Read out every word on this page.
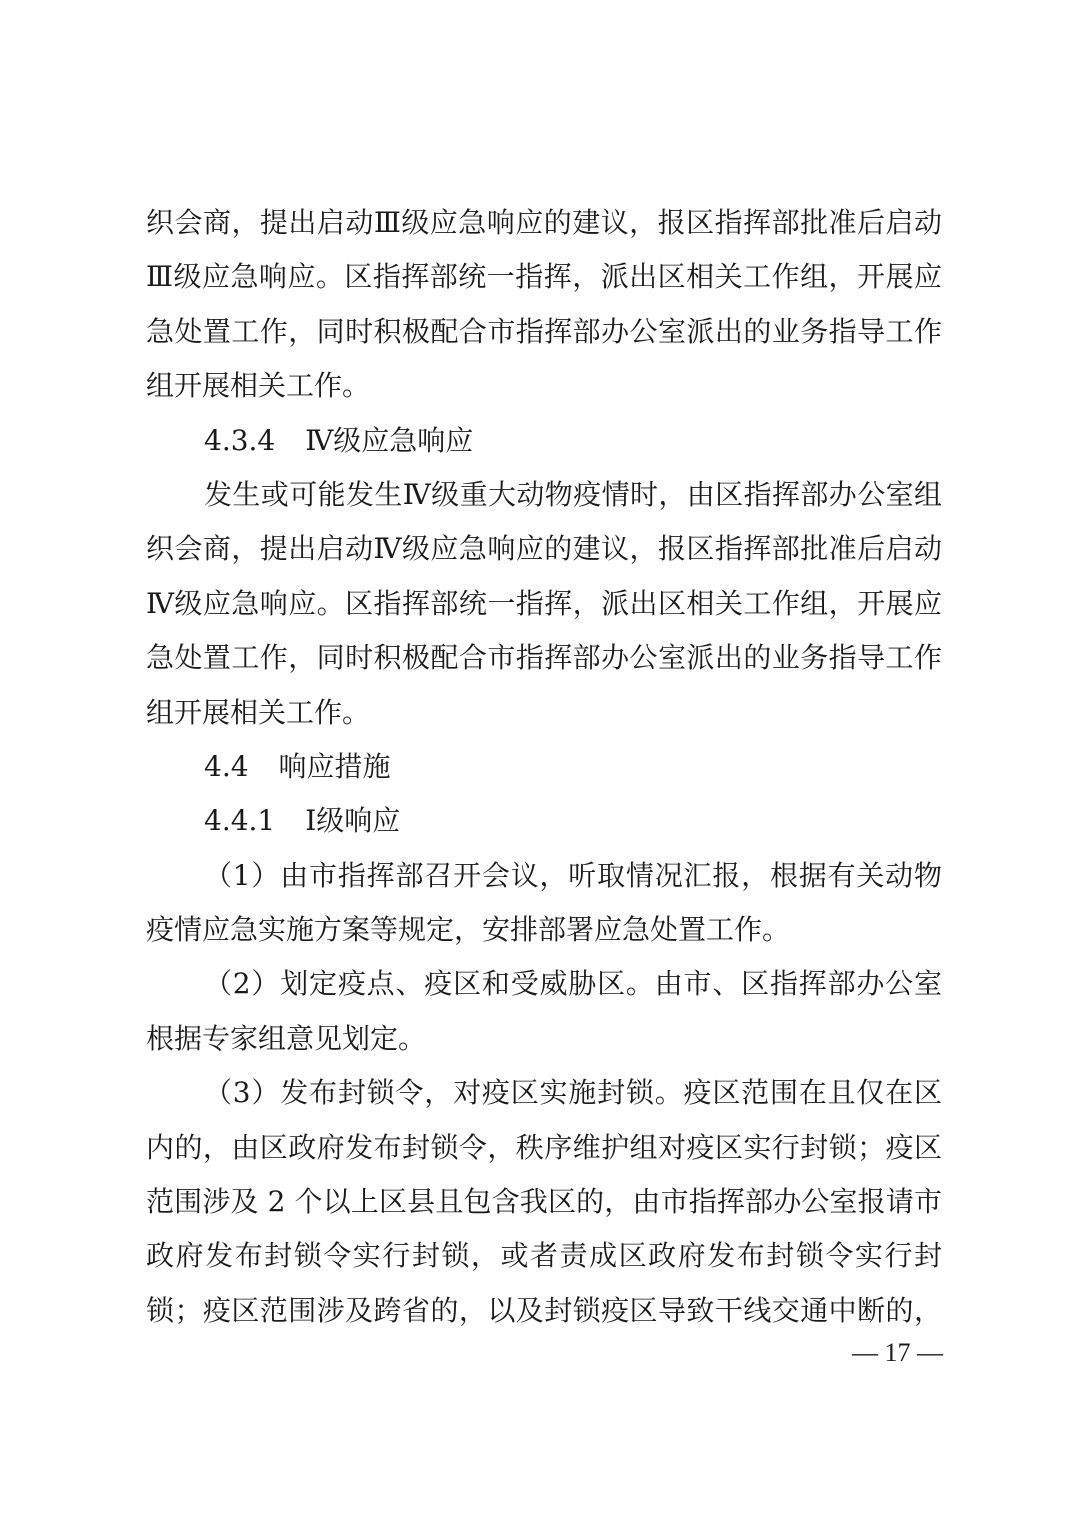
织会商，提出启动Ⅲ级应急响应的建议，报区指挥部批准后启动
Ⅲ级应急响应。区指挥部统一指挥，派出区相关工作组，开展应
急处置工作，同时积极配合市指挥部办公室派出的业务指导工作
组开展相关工作。
4.3.4 Ⅳ级应急响应
发生或可能发生Ⅳ级重大动物疫情时，由区指挥部办公室组
织会商，提出启动Ⅳ级应急响应的建议，报区指挥部批准后启动
Ⅳ级应急响应。区指挥部统一指挥，派出区相关工作组，开展应
急处置工作，同时积极配合市指挥部办公室派出的业务指导工作
组开展相关工作。
4.4 响应措施
4.4.1 Ⅰ级响应
（1）由市指挥部召开会议，听取情况汇报，根据有关动物
疫情应急实施方案等规定，安排部署应急处置工作。
（2）划定疫点、疫区和受威胁区。由市、区指挥部办公室
根据专家组意见划定。
（3）发布封锁令，对疫区实施封锁。疫区范围在且仅在区
内的，由区政府发布封锁令，秩序维护组对疫区实行封锁；疫区
范围涉及 2 个以上区县且包含我区的，由市指挥部办公室报请市
政府发布封锁令实行封锁，或者责成区政府发布封锁令实行封
锁；疫区范围涉及跨省的，以及封锁疫区导致干线交通中断的，
— 17 —
